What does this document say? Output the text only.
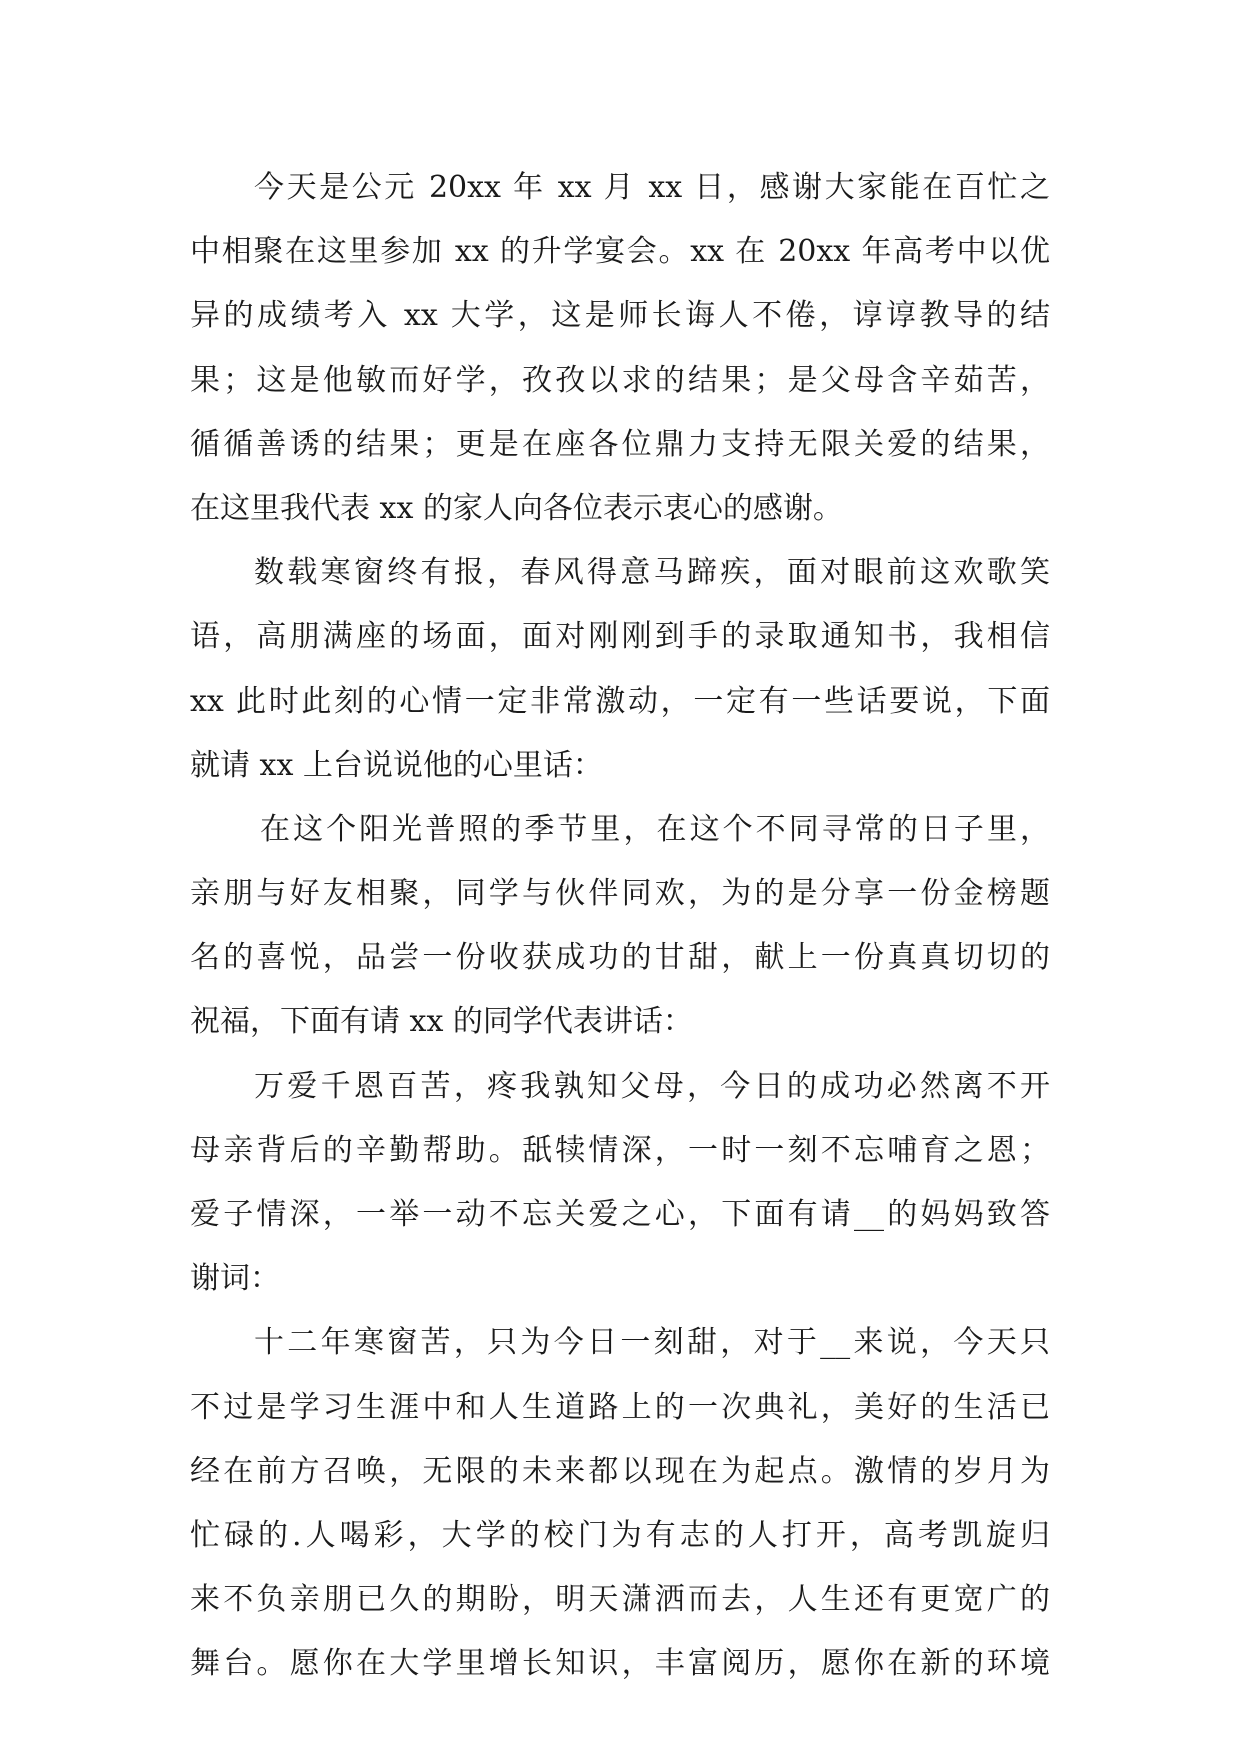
今天是公元 20xx 年 xx 月 xx 日，感谢大家能在百忙之
中相聚在这里参加 xx 的升学宴会。xx 在 20xx 年高考中以优
异的成绩考入 xx 大学，这是师长诲人不倦，谆谆教导的结
果；这是他敏而好学，孜孜以求的结果；是父母含辛茹苦，
循循善诱的结果；更是在座各位鼎力支持无限关爱的结果，
在这里我代表 xx 的家人向各位表示衷心的感谢。
数载寒窗终有报，春风得意马蹄疾，面对眼前这欢歌笑
语，高朋满座的场面，面对刚刚到手的录取通知书，我相信
xx 此时此刻的心情一定非常激动，一定有一些话要说，下面
就请 xx 上台说说他的心里话：
在这个阳光普照的季节里，在这个不同寻常的日子里，
亲朋与好友相聚，同学与伙伴同欢，为的是分享一份金榜题
名的喜悦，品尝一份收获成功的甘甜，献上一份真真切切的
祝福，下面有请 xx 的同学代表讲话：
万爱千恩百苦，疼我孰知父母，今日的成功必然离不开
母亲背后的辛勤帮助。舐犊情深，一时一刻不忘哺育之恩；
爱子情深，一举一动不忘关爱之心，下面有请__的妈妈致答
谢词：
十二年寒窗苦，只为今日一刻甜，对于__来说，今天只
不过是学习生涯中和人生道路上的一次典礼，美好的生活已
经在前方召唤，无限的未来都以现在为起点。激情的岁月为
忙碌的.人喝彩，大学的校门为有志的人打开，高考凯旋归
来不负亲朋已久的期盼，明天潇洒而去，人生还有更宽广的
舞台。愿你在大学里增长知识，丰富阅历，愿你在新的环境
